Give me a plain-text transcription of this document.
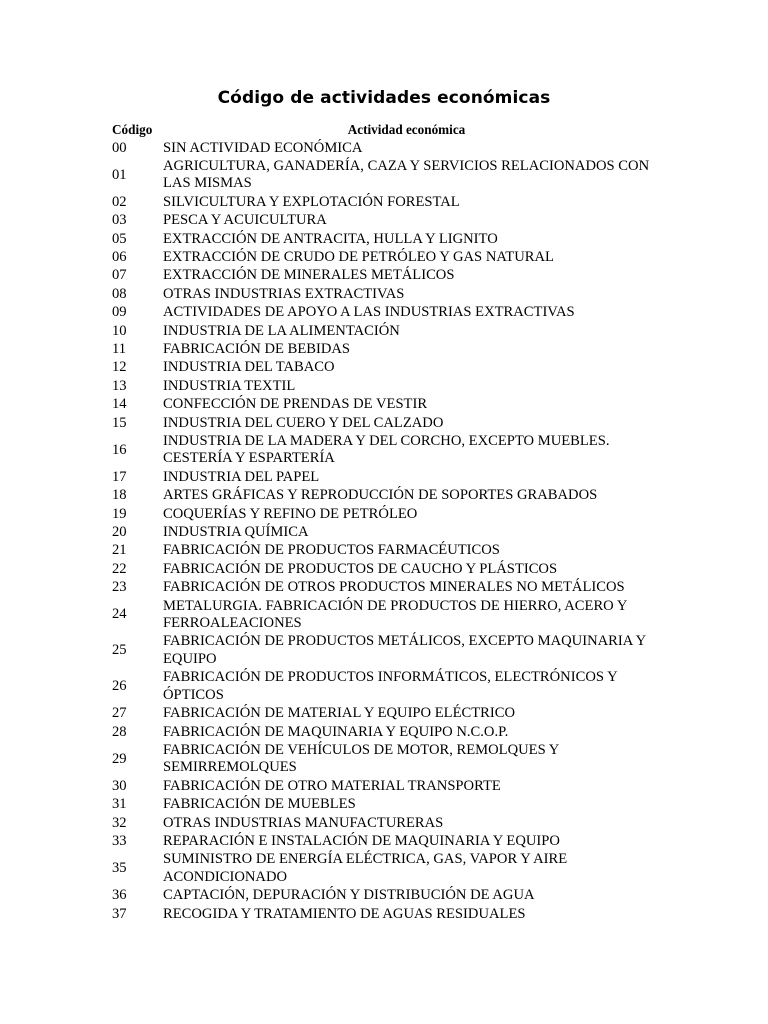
Código de actividades económicas
Código	Actividad económica
00	SIN ACTIVIDAD ECONÓMICA
01	AGRICULTURA, GANADERÍA, CAZA Y SERVICIOS RELACIONADOS CON LAS MISMAS
02	SILVICULTURA Y EXPLOTACIÓN FORESTAL
03	PESCA Y ACUICULTURA
05	EXTRACCIÓN DE ANTRACITA, HULLA Y LIGNITO
06	EXTRACCIÓN DE CRUDO DE PETRÓLEO Y GAS NATURAL
07	EXTRACCIÓN DE MINERALES METÁLICOS
08	OTRAS INDUSTRIAS EXTRACTIVAS
09	ACTIVIDADES DE APOYO A LAS INDUSTRIAS EXTRACTIVAS
10	INDUSTRIA DE LA ALIMENTACIÓN
11	FABRICACIÓN DE BEBIDAS
12	INDUSTRIA DEL TABACO
13	INDUSTRIA TEXTIL
14	CONFECCIÓN DE PRENDAS DE VESTIR
15	INDUSTRIA DEL CUERO Y DEL CALZADO
16	INDUSTRIA DE LA MADERA Y DEL CORCHO, EXCEPTO MUEBLES. CESTERÍA Y ESPARTERÍA
17	INDUSTRIA DEL PAPEL
18	ARTES GRÁFICAS Y REPRODUCCIÓN DE SOPORTES GRABADOS
19	COQUERÍAS Y REFINO DE PETRÓLEO
20	INDUSTRIA QUÍMICA
21	FABRICACIÓN DE PRODUCTOS FARMACÉUTICOS
22	FABRICACIÓN DE PRODUCTOS DE CAUCHO Y PLÁSTICOS
23	FABRICACIÓN DE OTROS PRODUCTOS MINERALES NO METÁLICOS
24	METALURGIA. FABRICACIÓN DE PRODUCTOS DE HIERRO, ACERO Y FERROALEACIONES
25	FABRICACIÓN DE PRODUCTOS METÁLICOS, EXCEPTO MAQUINARIA Y EQUIPO
26	FABRICACIÓN DE PRODUCTOS INFORMÁTICOS, ELECTRÓNICOS Y ÓPTICOS
27	FABRICACIÓN DE MATERIAL Y EQUIPO ELÉCTRICO
28	FABRICACIÓN DE MAQUINARIA Y EQUIPO N.C.O.P.
29	FABRICACIÓN DE VEHÍCULOS DE MOTOR, REMOLQUES Y SEMIRREMOLQUES
30	FABRICACIÓN DE OTRO MATERIAL TRANSPORTE
31	FABRICACIÓN DE MUEBLES
32	OTRAS INDUSTRIAS MANUFACTURERAS
33	REPARACIÓN E INSTALACIÓN DE MAQUINARIA Y EQUIPO
35	SUMINISTRO DE ENERGÍA ELÉCTRICA, GAS, VAPOR Y AIRE ACONDICIONADO
36	CAPTACIÓN, DEPURACIÓN Y DISTRIBUCIÓN DE AGUA
37	RECOGIDA Y TRATAMIENTO DE AGUAS RESIDUALES
